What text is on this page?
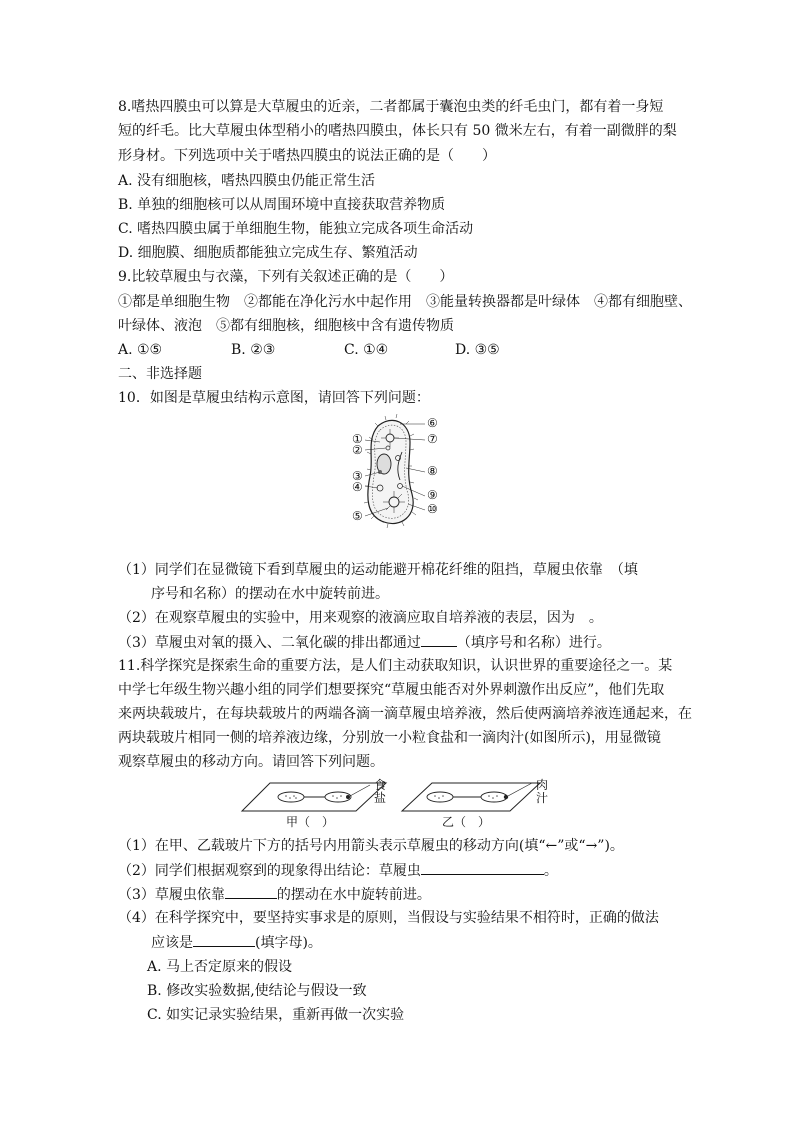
8.嗜热四膜虫可以算是大草履虫的近亲，二者都属于囊泡虫类的纤毛虫门，都有着一身短
短的纤毛。比大草履虫体型稍小的嗜热四膜虫，体长只有 50 微米左右，有着一副微胖的梨
形身材。下列选项中关于嗜热四膜虫的说法正确的是（　　）
A. 没有细胞核，嗜热四膜虫仍能正常生活
B. 单独的细胞核可以从周围环境中直接获取营养物质
C. 嗜热四膜虫属于单细胞生物，能独立完成各项生命活动
D. 细胞膜、细胞质都能独立完成生存、繁殖活动
9.比较草履虫与衣藻，下列有关叙述正确的是（　　）
①都是单细胞生物　②都能在净化污水中起作用　③能量转换器都是叶绿体　④都有细胞壁、
叶绿体、液泡　⑤都有细胞核，细胞核中含有遗传物质
A. ①⑤	B. ②③	C. ①④	D. ③⑤
二、非选择题
10．如图是草履虫结构示意图，请回答下列问题：
①
②
③
④
⑤
⑥
⑦
⑧
⑨
⑩
（1）同学们在显微镜下看到草履虫的运动能避开棉花纤维的阻挡，草履虫依靠　（填
序号和名称）的摆动在水中旋转前进。
（2）在观察草履虫的实验中，用来观察的液滴应取自培养液的表层，因为　。
（3）草履虫对氧的摄入、二氧化碳的排出都通过	（填序号和名称）进行。
11.科学探究是探索生命的重要方法，是人们主动获取知识，认识世界的重要途径之一。某
中学七年级生物兴趣小组的同学们想要探究“草履虫能否对外界刺激作出反应”，他们先取
来两块载玻片，在每块载玻片的两端各滴一滴草履虫培养液，然后使两滴培养液连通起来，在
两块载玻片相同一侧的培养液边缘，分别放一小粒食盐和一滴肉汁(如图所示)，用显微镜
观察草履虫的移动方向。请回答下列问题。
食
盐
肉
汁
甲（　）	乙（　）
（1）在甲、乙载玻片下方的括号内用箭头表示草履虫的移动方向(填“←”或“→”)。
（2）同学们根据观察到的现象得出结论：草履虫	。
（3）草履虫依靠	的摆动在水中旋转前进。
（4）在科学探究中，要坚持实事求是的原则，当假设与实验结果不相符时，正确的做法
应该是	(填字母)。
A. 马上否定原来的假设
B. 修改实验数据,使结论与假设一致
C. 如实记录实验结果，重新再做一次实验
